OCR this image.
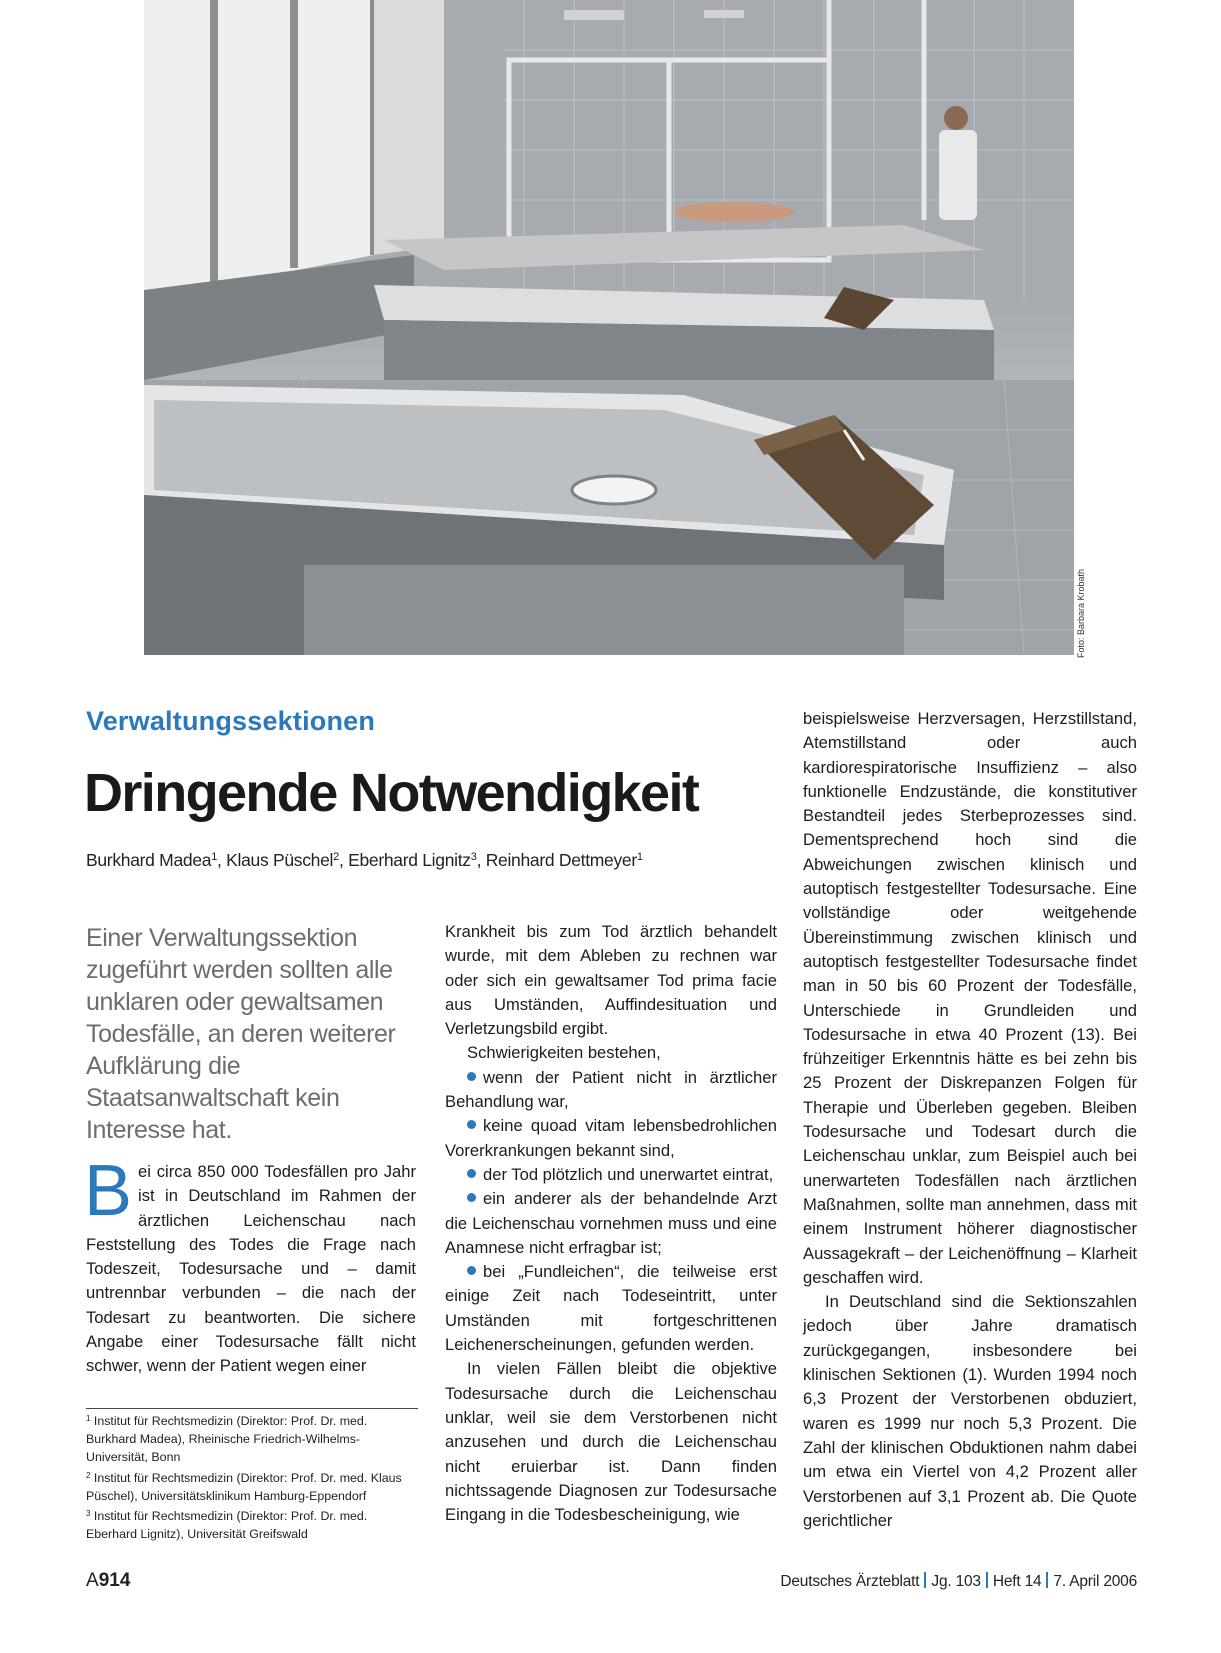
Foto: Barbara Krobath
Verwaltungssektionen
Dringende Notwendigkeit
Burkhard Madea$^1$, Klaus Püschel$^2$, Eberhard Lignitz$^3$, Reinhard Dettmeyer$^1$
Einer Verwaltungssektion zugeführt werden sollten alle unklaren oder gewaltsamen Todesfälle, an deren weiterer Aufklärung die Staatsanwaltschaft kein Interesse hat.

Bei circa 850 000 Todesfällen pro Jahr ist in Deutschland im Rahmen der ärztlichen Leichenschau nach Feststellung des Todes die Frage nach Todeszeit, Todesursache und – damit untrennbar verbunden – die nach der Todesart zu beantworten. Die sichere Angabe einer Todesursache fällt nicht schwer, wenn der Patient wegen einer

$^1$ Institut für Rechtsmedizin (Direktor: Prof. Dr. med. Burkhard Madea), Rheinische Friedrich-Wilhelms-Universität, Bonn

$^2$ Institut für Rechtsmedizin (Direktor: Prof. Dr. med. Klaus Püschel), Universitätsklinikum Hamburg-Eppendorf

$^3$ Institut für Rechtsmedizin (Direktor: Prof. Dr. med. Eberhard Lignitz), Universität Greifswald

Krankheit bis zum Tod ärztlich behandelt wurde, mit dem Ableben zu rechnen war oder sich ein gewaltsamer Tod prima facie aus Umständen, Auffindesituation und Verletzungsbild ergibt.

Schwierigkeiten bestehen,

wenn der Patient nicht in ärztlicher Behandlung war,

keine quoad vitam lebensbedrohlichen Vorerkrankungen bekannt sind,

der Tod plötzlich und unerwartet eintrat,

ein anderer als der behandelnde Arzt die Leichenschau vornehmen muss und eine Anamnese nicht erfragbar ist;

bei „Fundleichen“, die teilweise erst einige Zeit nach Todeseintritt, unter Umständen mit fortgeschrittenen Leichenerscheinungen, gefunden werden.

In vielen Fällen bleibt die objektive Todesursache durch die Leichenschau unklar, weil sie dem Verstorbenen nicht anzusehen und durch die Leichenschau nicht eruierbar ist. Dann finden nichtssagende Diagnosen zur Todesursache Eingang in die Todesbescheinigung, wie

beispielsweise Herzversagen, Herzstillstand, Atemstillstand oder auch kardiorespiratorische Insuffizienz – also funktionelle Endzustände, die konstitutiver Bestandteil jedes Sterbeprozesses sind. Dementsprechend hoch sind die Abweichungen zwischen klinisch und autoptisch festgestellter Todesursache. Eine vollständige oder weitgehende Übereinstimmung zwischen klinisch und autoptisch festgestellter Todesursache findet man in 50 bis 60 Prozent der Todesfälle, Unterschiede in Grundleiden und Todesursache in etwa 40 Prozent (13). Bei frühzeitiger Erkenntnis hätte es bei zehn bis 25 Prozent der Diskrepanzen Folgen für Therapie und Überleben gegeben. Bleiben Todesursache und Todesart durch die Leichenschau unklar, zum Beispiel auch bei unerwarteten Todesfällen nach ärztlichen Maßnahmen, sollte man annehmen, dass mit einem Instrument höherer diagnostischer Aussagekraft – der Leichenöffnung – Klarheit geschaffen wird.

In Deutschland sind die Sektionszahlen jedoch über Jahre dramatisch zurückgegangen, insbesondere bei klinischen Sektionen (1). Wurden 1994 noch 6,3 Prozent der Verstorbenen obduziert, waren es 1999 nur noch 5,3 Prozent. Die Zahl der klinischen Obduktionen nahm dabei um etwa ein Viertel von 4,2 Prozent aller Verstorbenen auf 3,1 Prozent ab. Die Quote gerichtlicher

A914	Deutsches Ärzteblatt Jg. 103 Heft 14 7. April 2006
